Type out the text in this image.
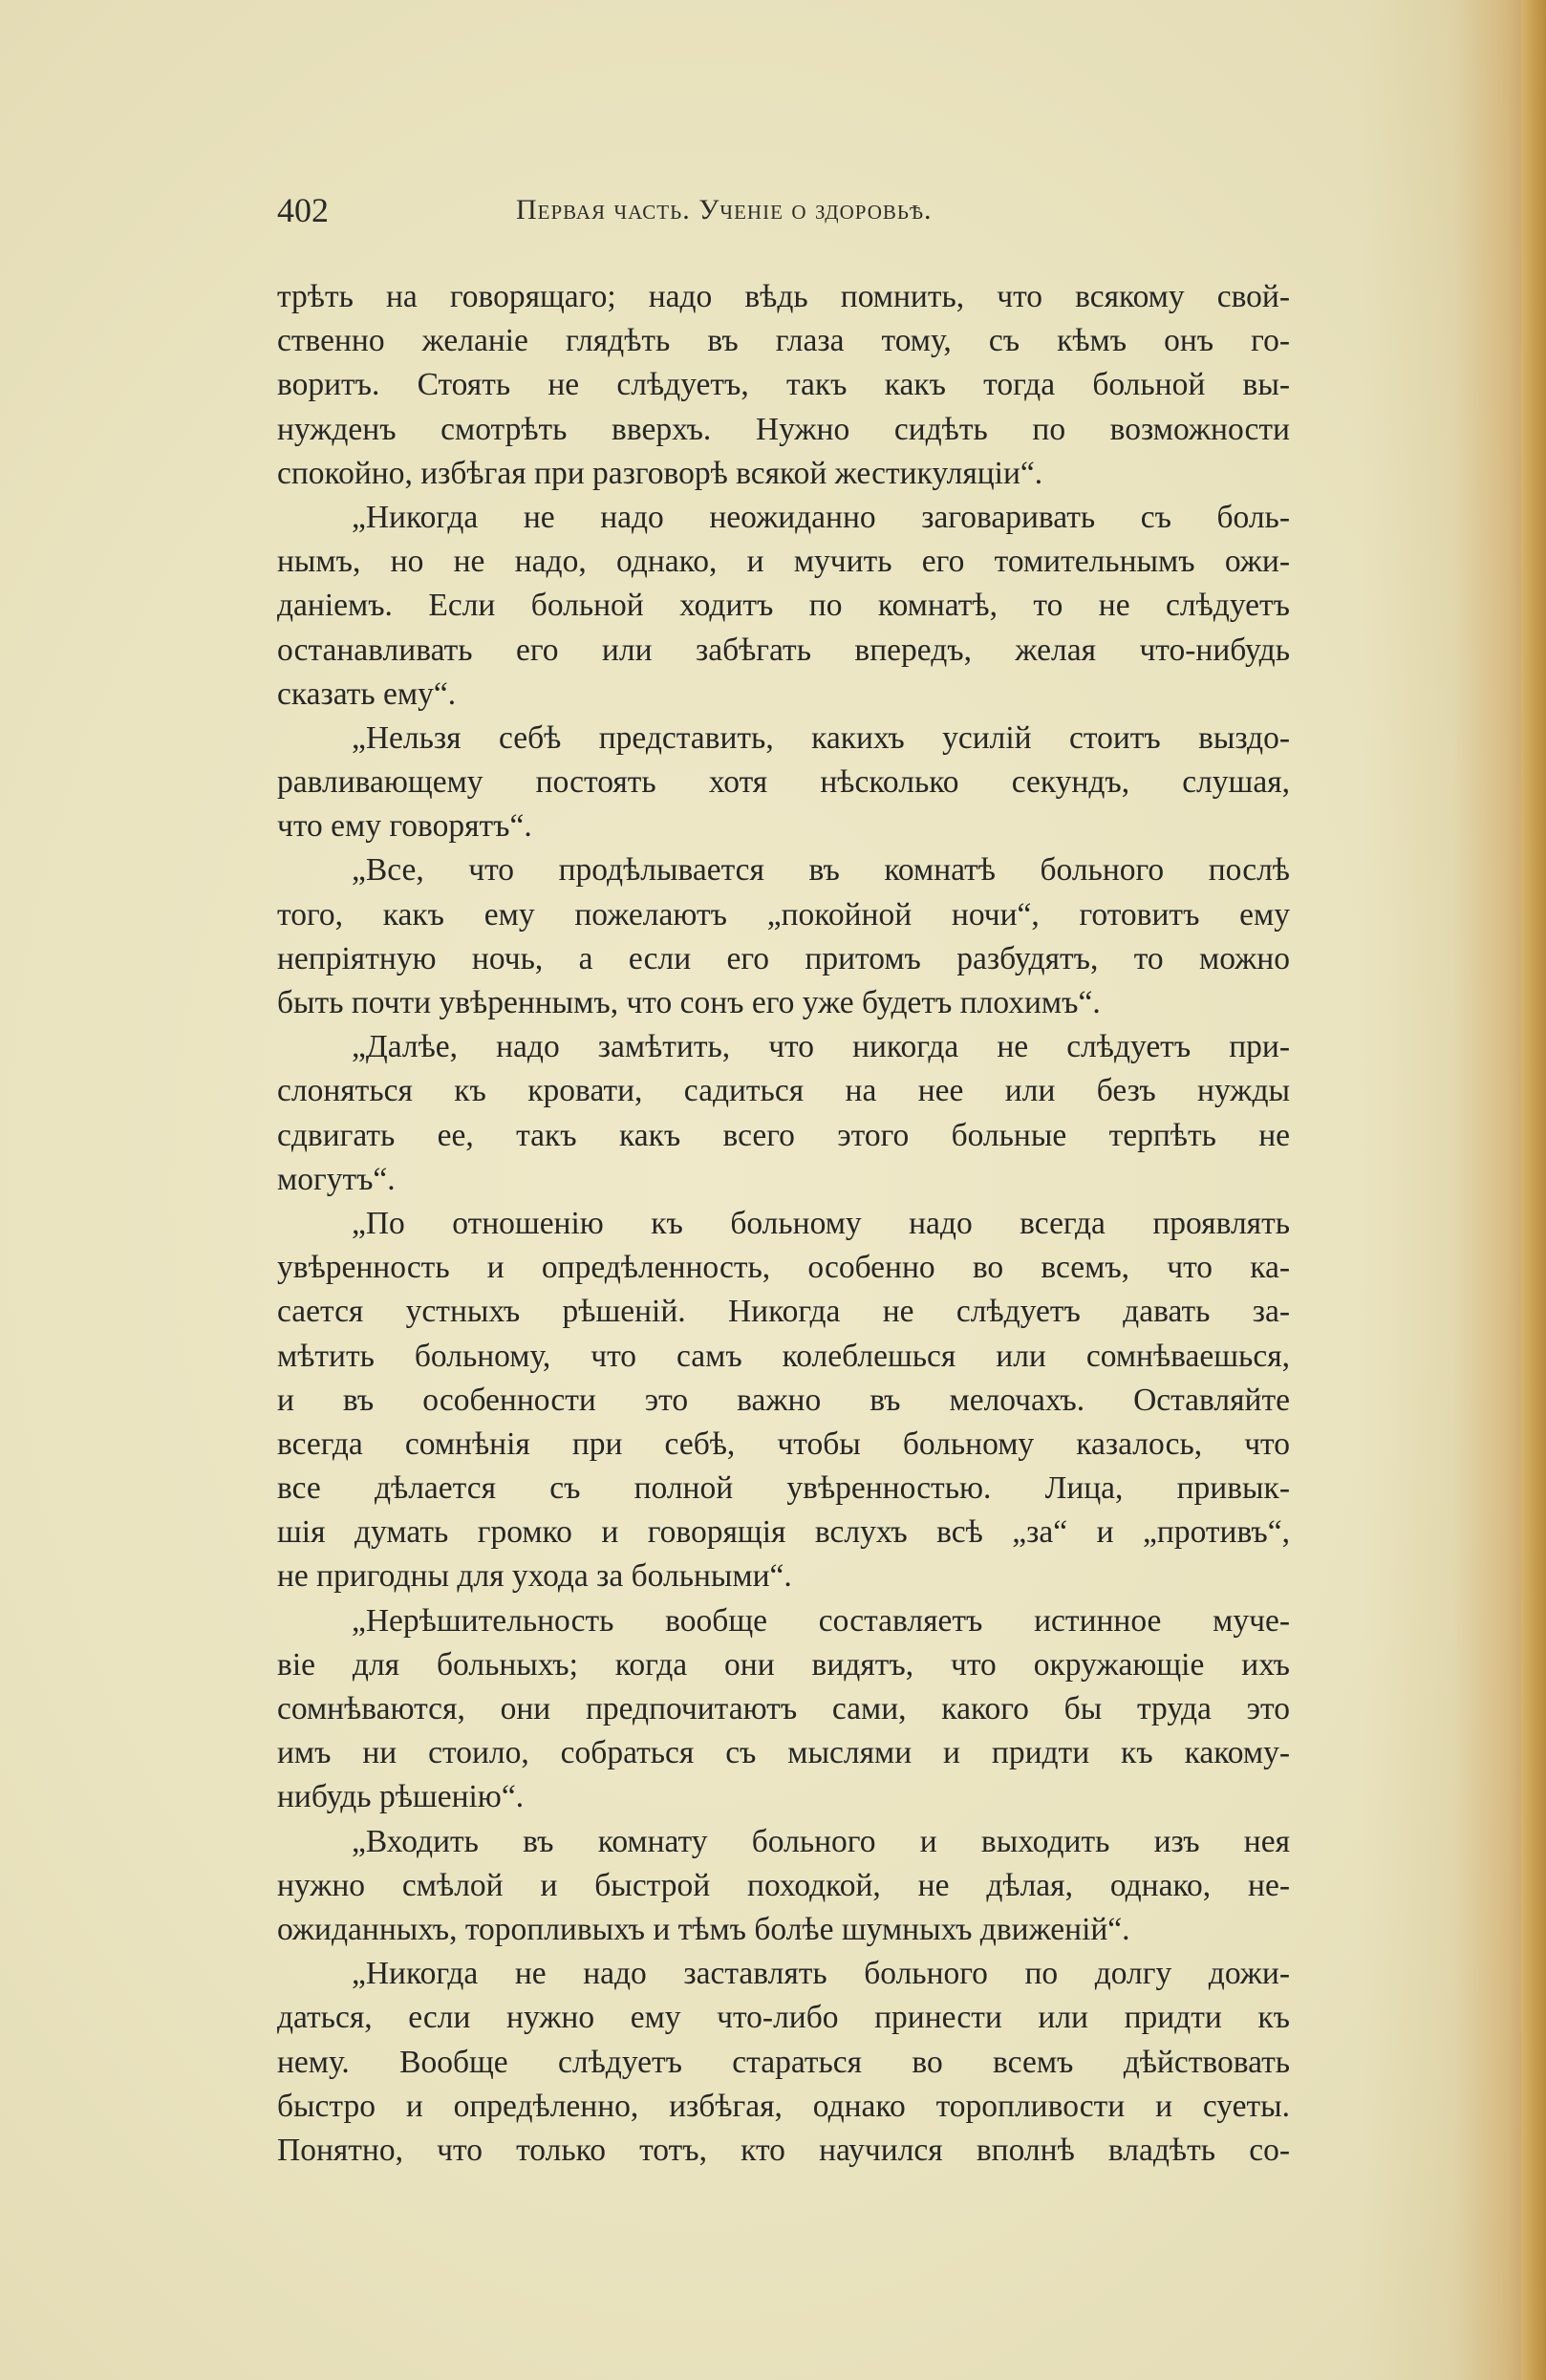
402	Первая часть. Ученіе о здоровьѣ.
трѣть на говорящаго; надо вѣдь помнить, что всякому свой-
ственно желаніе глядѣть въ глаза тому, съ кѣмъ онъ го-
воритъ. Стоять не слѣдуетъ, такъ какъ тогда больной вы-
нужденъ смотрѣть вверхъ. Нужно сидѣть по возможности
спокойно, избѣгая при разговорѣ всякой жестикуляціи“.
„Никогда не надо неожиданно заговаривать съ боль-
нымъ, но не надо, однако, и мучить его томительнымъ ожи-
даніемъ. Если больной ходитъ по комнатѣ, то не слѣдуетъ
останавливать его или забѣгать впередъ, желая что-нибудь
сказать ему“.
„Нельзя себѣ представить, какихъ усилій стоитъ выздо-
равливающему постоять хотя нѣсколько секундъ, слушая,
что ему говорятъ“.
„Все, что продѣлывается въ комнатѣ больного послѣ
того, какъ ему пожелаютъ „покойной ночи“, готовитъ ему
непріятную ночь, а если его притомъ разбудятъ, то можно
быть почти увѣреннымъ, что сонъ его уже будетъ плохимъ“.
„Далѣе, надо замѣтить, что никогда не слѣдуетъ при-
слоняться къ кровати, садиться на нее или безъ нужды
сдвигать ее, такъ какъ всего этого больные терпѣть не
могутъ“.
„По отношенію къ больному надо всегда проявлять
увѣренность и опредѣленность, особенно во всемъ, что ка-
сается устныхъ рѣшеній. Никогда не слѣдуетъ давать за-
мѣтить больному, что самъ колеблешься или сомнѣваешься,
и въ особенности это важно въ мелочахъ. Оставляйте
всегда сомнѣнія при себѣ, чтобы больному казалось, что
все дѣлается съ полной увѣренностью. Лица, привык-
шія думать громко и говорящія вслухъ всѣ „за“ и „противъ“,
не пригодны для ухода за больными“.
„Нерѣшительность вообще составляетъ истинное муче-
віе для больныхъ; когда они видятъ, что окружающіе ихъ
сомнѣваются, они предпочитаютъ сами, какого бы труда это
имъ ни стоило, собраться съ мыслями и придти къ какому-
нибудь рѣшенію“.
„Входить въ комнату больного и выходить изъ нея
нужно смѣлой и быстрой походкой, не дѣлая, однако, не-
ожиданныхъ, торопливыхъ и тѣмъ болѣе шумныхъ движеній“.
„Никогда не надо заставлять больного по долгу дожи-
даться, если нужно ему что-либо принести или придти къ
нему. Вообще слѣдуетъ стараться во всемъ дѣйствовать
быстро и опредѣленно, избѣгая, однако торопливости и суеты.
Понятно, что только тотъ, кто научился вполнѣ владѣть со-
